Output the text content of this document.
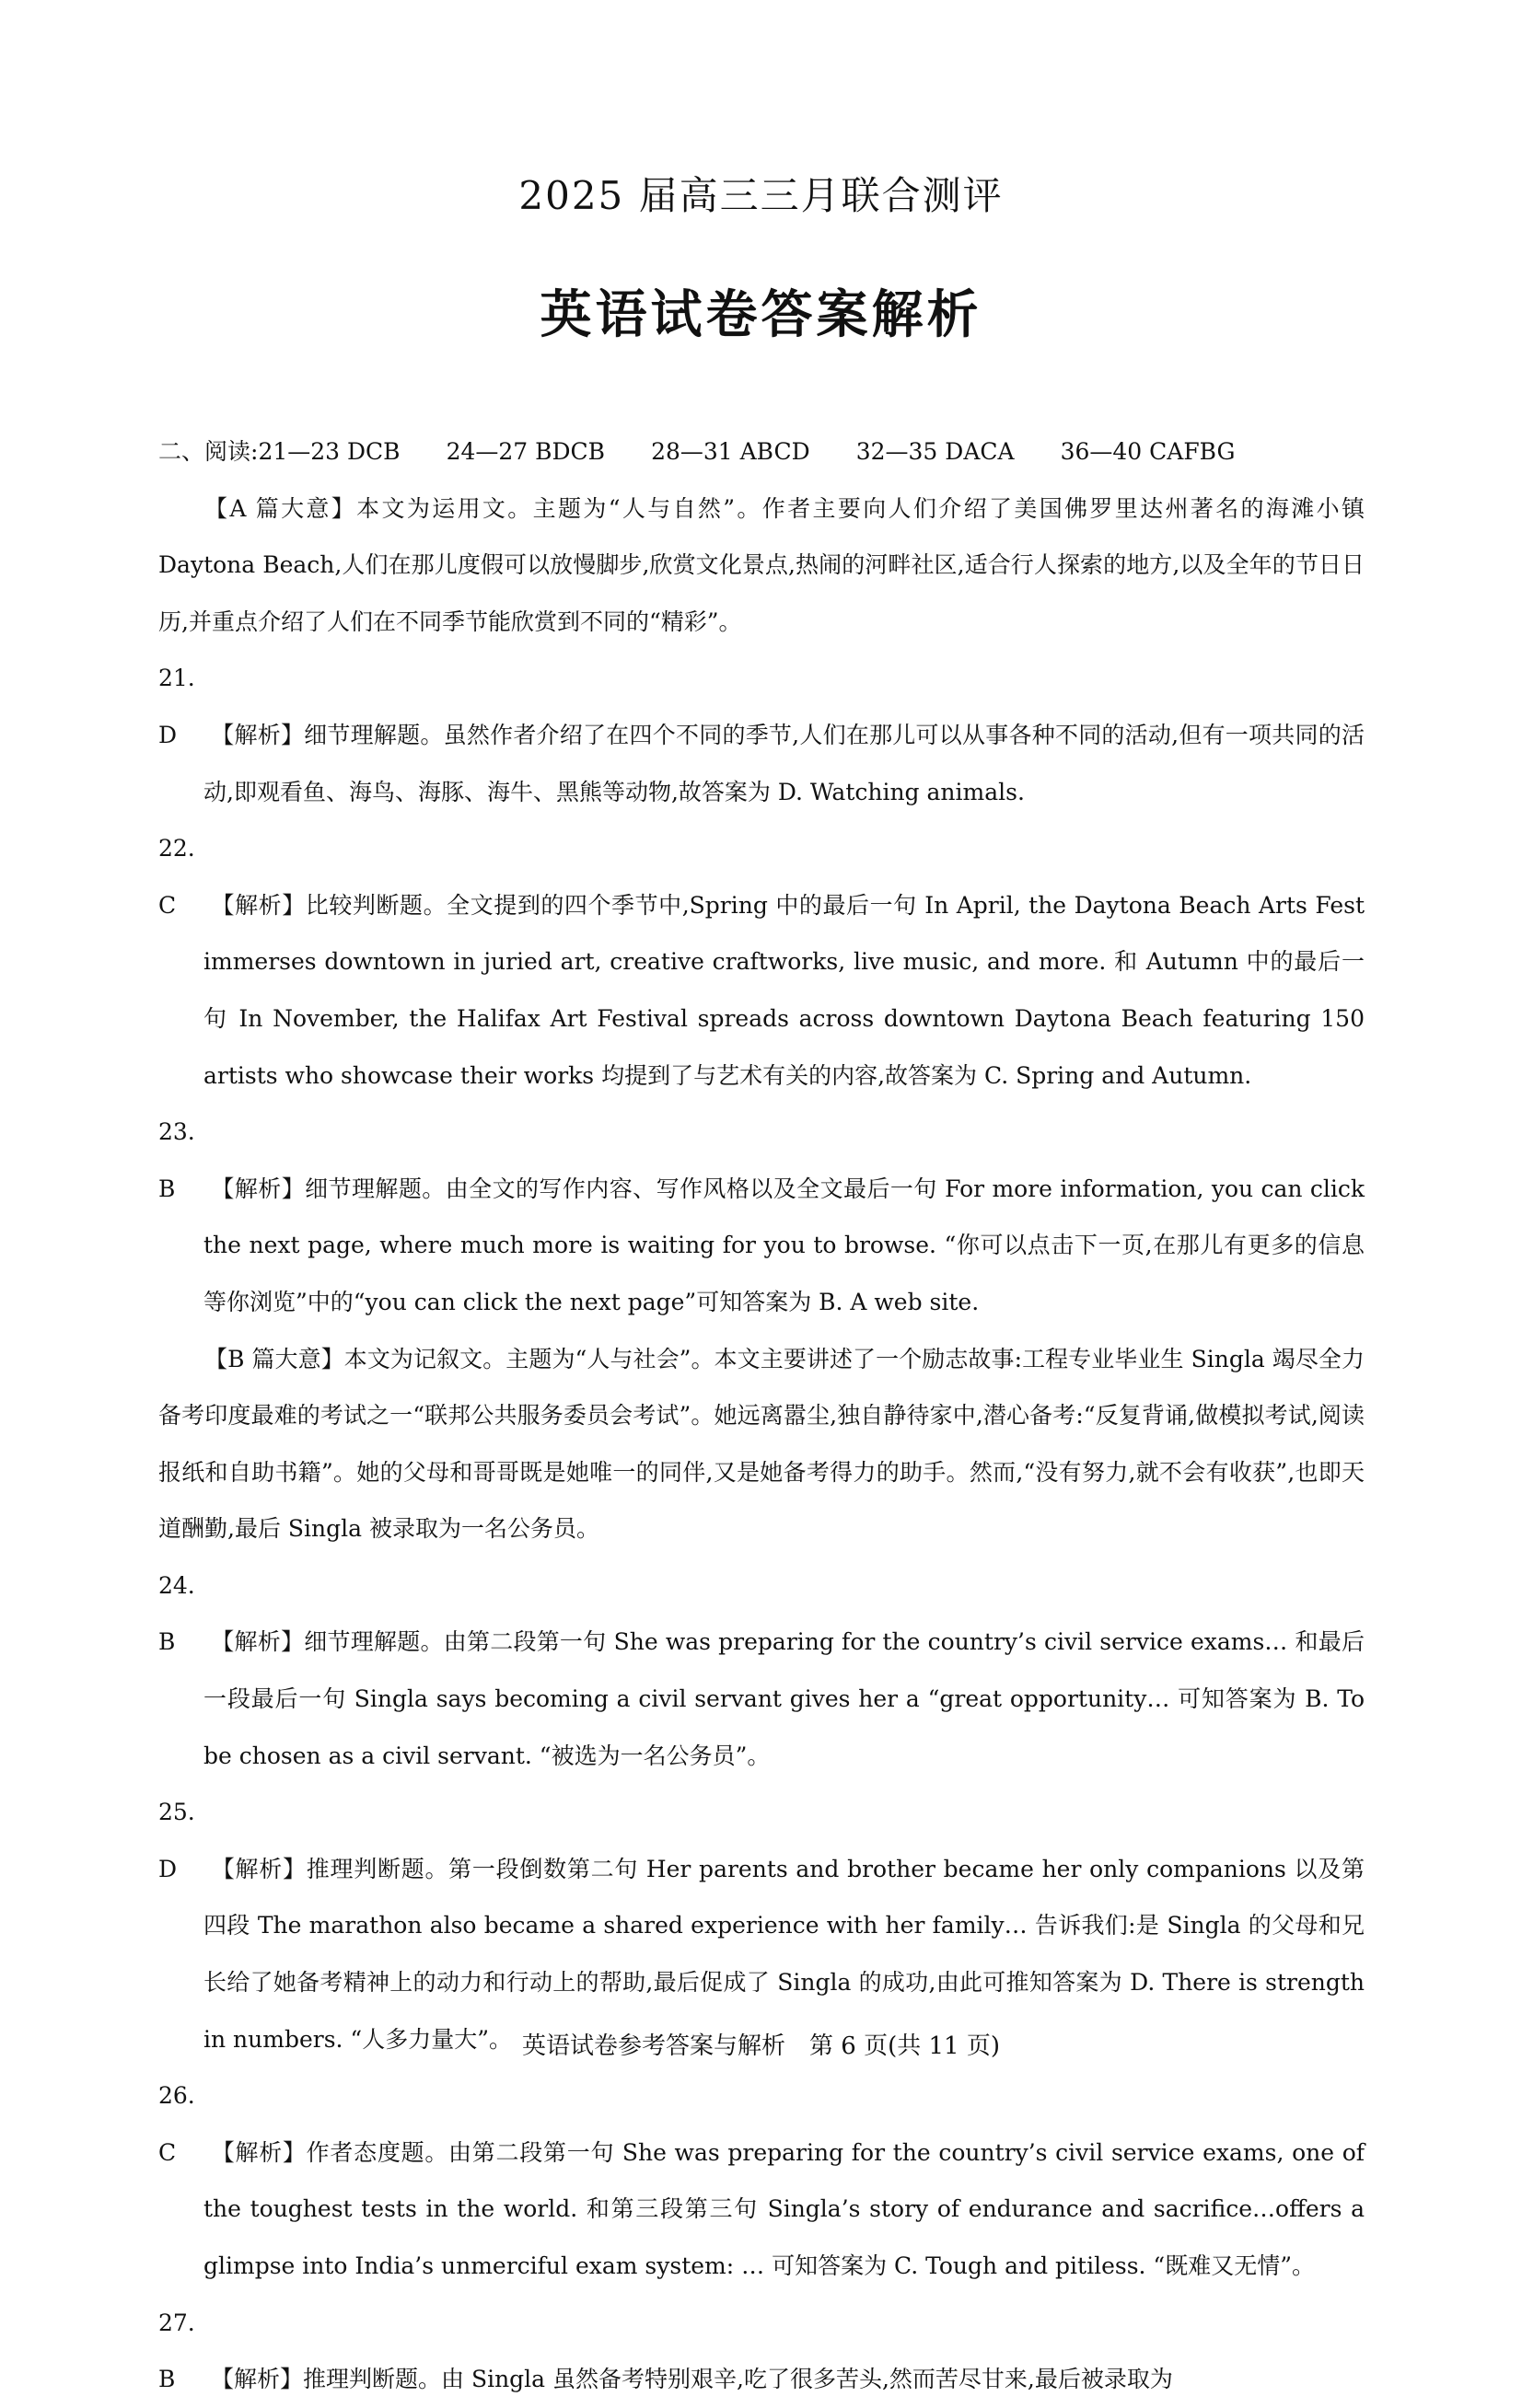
2025 届高三三月联合测评
英语试卷答案解析
二、阅读:21—23 DCB 24—27 BDCB 28—31 ABCD 32—35 DACA 36—40 CAFBG
【A 篇大意】本文为运用文。主题为“人与自然”。作者主要向人们介绍了美国佛罗里达州著名的海滩小镇 Daytona Beach,人们在那儿度假可以放慢脚步,欣赏文化景点,热闹的河畔社区,适合行人探索的地方,以及全年的节日日历,并重点介绍了人们在不同季节能欣赏到不同的“精彩”。
21. D 【解析】细节理解题。虽然作者介绍了在四个不同的季节,人们在那儿可以从事各种不同的活动,但有一项共同的活动,即观看鱼、海鸟、海豚、海牛、黑熊等动物,故答案为 D. Watching animals.
22. C 【解析】比较判断题。全文提到的四个季节中,Spring 中的最后一句 In April, the Daytona Beach Arts Fest immerses downtown in juried art, creative craftworks, live music, and more. 和 Autumn 中的最后一句 In November, the Halifax Art Festival spreads across downtown Daytona Beach featuring 150 artists who showcase their works 均提到了与艺术有关的内容,故答案为 C. Spring and Autumn.
23. B 【解析】细节理解题。由全文的写作内容、写作风格以及全文最后一句 For more information, you can click the next page, where much more is waiting for you to browse. “你可以点击下一页,在那儿有更多的信息等你浏览”中的“you can click the next page”可知答案为 B. A web site.
【B 篇大意】本文为记叙文。主题为“人与社会”。本文主要讲述了一个励志故事:工程专业毕业生 Singla 竭尽全力备考印度最难的考试之一“联邦公共服务委员会考试”。她远离嚣尘,独自静待家中,潜心备考:“反复背诵,做模拟考试,阅读报纸和自助书籍”。她的父母和哥哥既是她唯一的同伴,又是她备考得力的助手。然而,“没有努力,就不会有收获”,也即天道酬勤,最后 Singla 被录取为一名公务员。
24. B 【解析】细节理解题。由第二段第一句 She was preparing for the country’s civil service exams… 和最后一段最后一句 Singla says becoming a civil servant gives her a “great opportunity… 可知答案为 B. To be chosen as a civil servant. “被选为一名公务员”。
25. D 【解析】推理判断题。第一段倒数第二句 Her parents and brother became her only companions 以及第四段 The marathon also became a shared experience with her family… 告诉我们:是 Singla 的父母和兄长给了她备考精神上的动力和行动上的帮助,最后促成了 Singla 的成功,由此可推知答案为 D. There is strength in numbers. “人多力量大”。
26. C 【解析】作者态度题。由第二段第一句 She was preparing for the country’s civil service exams, one of the toughest tests in the world. 和第三段第三句 Singla’s story of endurance and sacrifice…offers a glimpse into India’s unmerciful exam system: … 可知答案为 C. Tough and pitiless. “既难又无情”。
27. B 【解析】推理判断题。由 Singla 虽然备考特别艰辛,吃了很多苦头,然而苦尽甘来,最后被录取为
英语试卷参考答案与解析　第 6 页(共 11 页)
